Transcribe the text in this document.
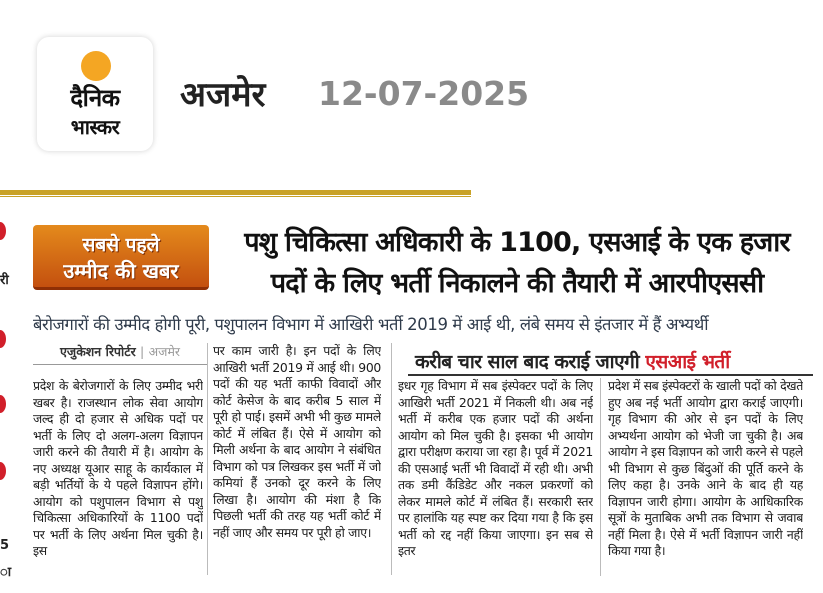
दैनिक
भास्कर
अजमेर 12-07-2025
री
5
ा
सबसे पहले
उम्मीद की खबर
पशु चिकित्सा अधिकारी के 1100, एसआई के एक हजार
पदों के लिए भर्ती निकालने की तैयारी में आरपीएससी
बेरोजगारों की उम्मीद होगी पूरी, पशुपालन विभाग में आखिरी भर्ती 2019 में आई थी, लंबे समय से इंतजार में हैं अभ्यर्थी
एजुकेशन रिपोर्टर | अजमेर	करीब चार साल बाद कराई जाएगी एसआई भर्ती
प्रदेश के बेरोजगारों के लिए उम्मीद भरी खबर है। राजस्थान लोक सेवा आयोग जल्द ही दो हजार से अधिक पदों पर भर्ती के लिए दो अलग-अलग विज्ञापन जारी करने की तैयारी में है। आयोग के नए अध्यक्ष यूआर साहू के कार्यकाल में बड़ी भर्तियों के ये पहले विज्ञापन होंगे।आयोग को पशुपालन विभाग से पशु चिकित्सा अधिकारियों के 1100 पदों पर भर्ती के लिए अर्थना मिल चुकी है। इस
पर काम जारी है। इन पदों के लिए आखिरी भर्ती 2019 में आई थी। 900 पदों की यह भर्ती काफी विवादों और कोर्ट केसेज के बाद करीब 5 साल में पूरी हो पाई। इसमें अभी भी कुछ मामले कोर्ट में लंबित हैं। ऐसे में आयोग को मिली अर्थना के बाद आयोग ने संबंधित विभाग को पत्र लिखकर इस भर्ती में जो कमियां हैं उनको दूर करने के लिए लिखा है। आयोग की मंशा है कि पिछली भर्ती की तरह यह भर्ती कोर्ट में नहीं जाए और समय पर पूरी हो जाए।
इधर गृह विभाग में सब इंस्पेक्टर पदों के लिए आखिरी भर्ती 2021 में निकली थी। अब नई भर्ती में करीब एक हजार पदों की अर्थना आयोग को मिल चुकी है। इसका भी आयोग द्वारा परीक्षण कराया जा रहा है। पूर्व में 2021 की एसआई भर्ती भी विवादों में रही थी। अभी तक डमी कैंडिडेट और नकल प्रकरणों को लेकर मामले कोर्ट में लंबित हैं। सरकारी स्तर पर हालांकि यह स्पष्ट कर दिया गया है कि इस भर्ती को रद्द नहीं किया जाएगा। इन सब से इतर
प्रदेश में सब इंस्पेक्टरों के खाली पदों को देखते हुए अब नई भर्ती आयोग द्वारा कराई जाएगी। गृह विभाग की ओर से इन पदों के लिए अभ्यर्थना आयोग को भेजी जा चुकी है। अब आयोग ने इस विज्ञापन को जारी करने से पहले भी विभाग से कुछ बिंदुओं की पूर्ति करने के लिए कहा है। उनके आने के बाद ही यह विज्ञापन जारी होगा। आयोग के आधिकारिक सूत्रों के मुताबिक अभी तक विभाग से जवाब नहीं मिला है। ऐसे में भर्ती विज्ञापन जारी नहीं किया गया है।
